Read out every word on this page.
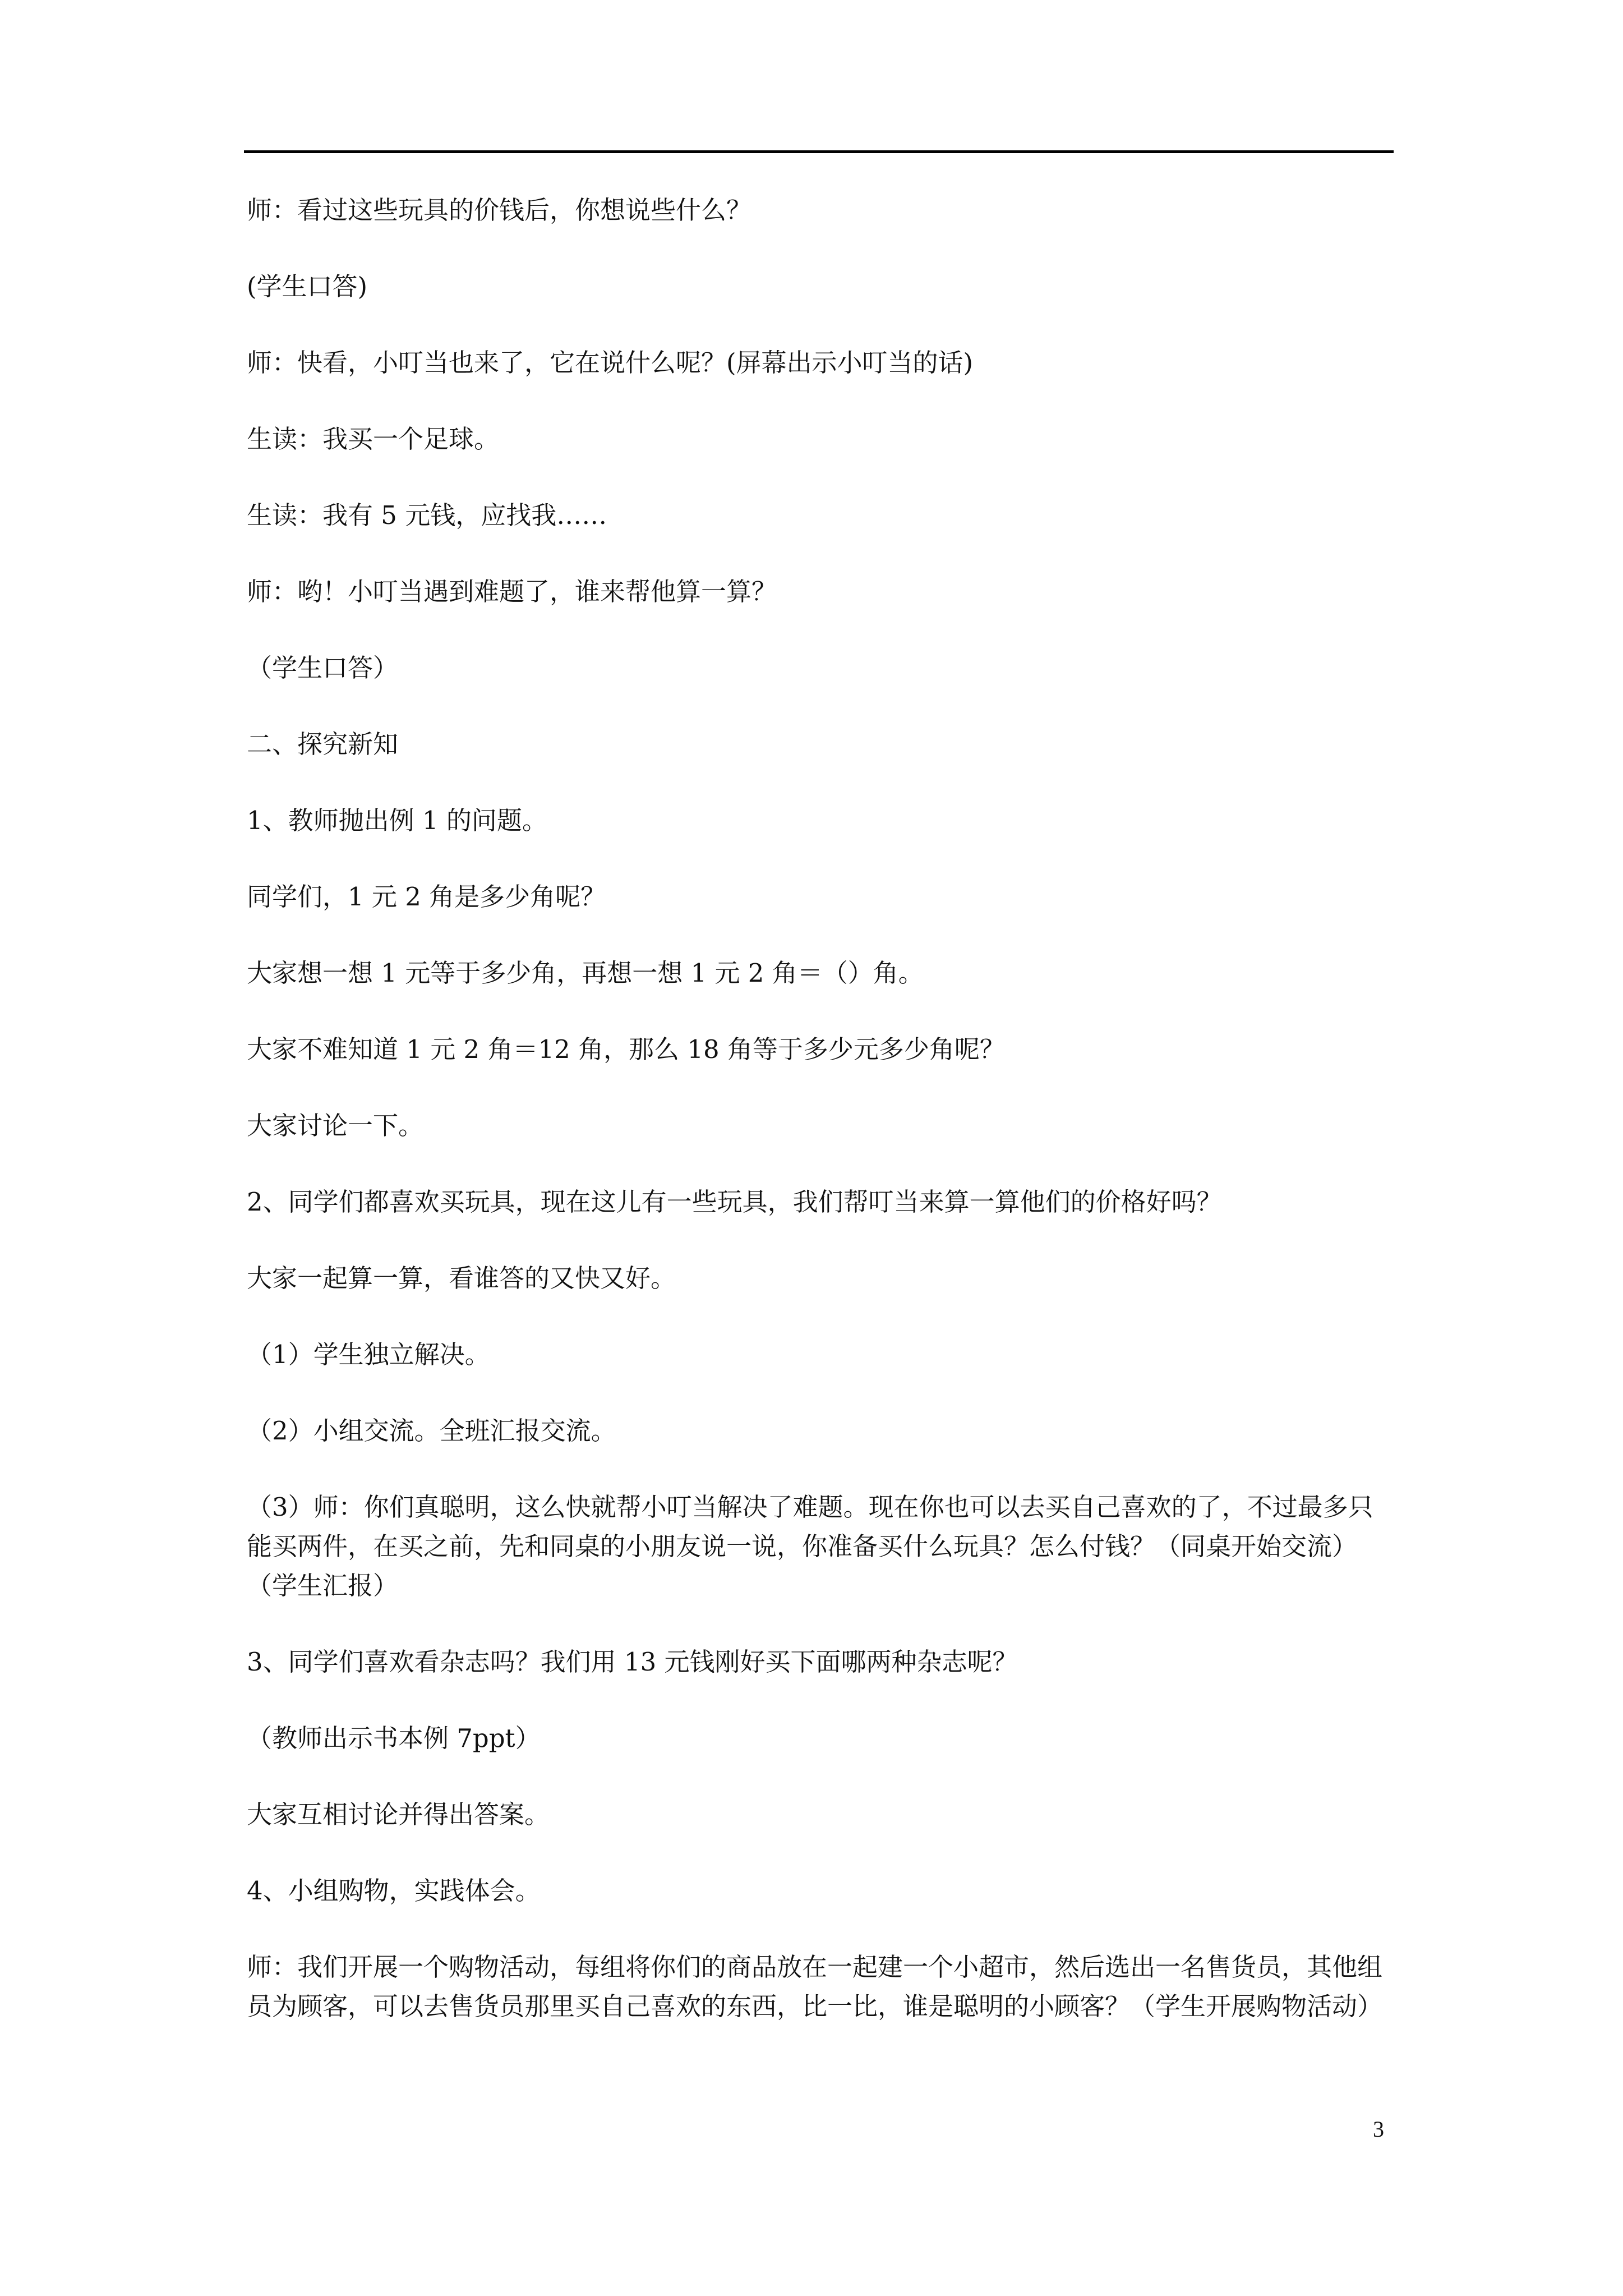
师：看过这些玩具的价钱后，你想说些什么？

(学生口答)

师：快看，小叮当也来了，它在说什么呢？(屏幕出示小叮当的话)

生读：我买一个足球。

生读：我有 5 元钱，应找我……

师：哟！小叮当遇到难题了，谁来帮他算一算？

（学生口答）

二、探究新知

1、教师抛出例 1 的问题。

同学们，1 元 2 角是多少角呢？

大家想一想 1 元等于多少角，再想一想 1 元 2 角＝（）角。

大家不难知道 1 元 2 角＝12 角，那么 18 角等于多少元多少角呢？

大家讨论一下。

2、同学们都喜欢买玩具，现在这儿有一些玩具，我们帮叮当来算一算他们的价格好吗？

大家一起算一算，看谁答的又快又好。

（1）学生独立解决。

（2）小组交流。全班汇报交流。

（3）师：你们真聪明，这么快就帮小叮当解决了难题。现在你也可以去买自己喜欢的了，不过最多只能买两件，在买之前，先和同桌的小朋友说一说，你准备买什么玩具？怎么付钱？（同桌开始交流）（学生汇报）

3、同学们喜欢看杂志吗？我们用 13 元钱刚好买下面哪两种杂志呢？

（教师出示书本例 7ppt）

大家互相讨论并得出答案。

4、小组购物，实践体会。

师：我们开展一个购物活动，每组将你们的商品放在一起建一个小超市，然后选出一名售货员，其他组员为顾客，可以去售货员那里买自己喜欢的东西，比一比，谁是聪明的小顾客？（学生开展购物活动）

3
